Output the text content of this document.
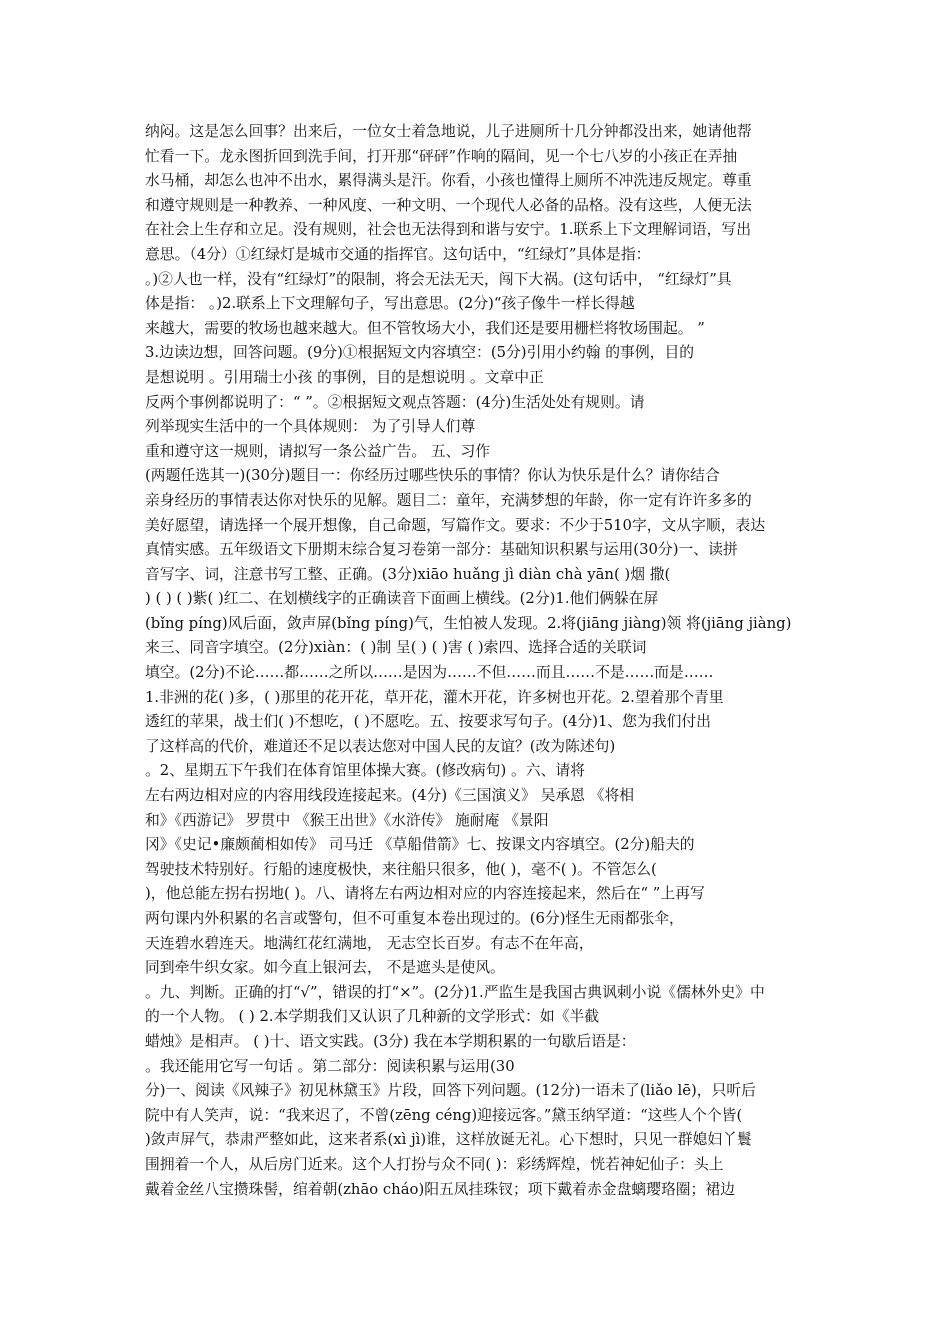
纳闷。这是怎么回事？出来后，一位女士着急地说，儿子进厕所十几分钟都没出来，她请他帮
忙看一下。龙永图折回到洗手间，打开那“砰砰”作响的隔间，见一个七八岁的小孩正在弄抽
水马桶，却怎么也冲不出水，累得满头是汗。你看，小孩也懂得上厕所不冲洗违反规定。尊重
和遵守规则是一种教养、一种风度、一种文明、一个现代人必备的品格。没有这些，人便无法
在社会上生存和立足。没有规则，社会也无法得到和谐与安宁。1.联系上下文理解词语，写出
意思。（4分）①红绿灯是城市交通的指挥官。这句话中，“红绿灯”具体是指：
。)②人也一样，没有“红绿灯”的限制，将会无法无天，闯下大祸。(这句话中， “红绿灯”具
体是指： 。)2.联系上下文理解句子，写出意思。(2分)“孩子像牛一样长得越
来越大，需要的牧场也越来越大。但不管牧场大小，我们还是要用栅栏将牧场围起。 ”
3.边读边想，回答问题。(9分)①根据短文内容填空：(5分)引用小约翰 的事例，目的
是想说明 。引用瑞士小孩 的事例，目的是想说明 。文章中正
反两个事例都说明了：“ ”。②根据短文观点答题：(4分)生活处处有规则。请
列举现实生活中的一个具体规则： 为了引导人们尊
重和遵守这一规则，请拟写一条公益广告。 五、习作
(两题任选其一)(30分)题目一：你经历过哪些快乐的事情？你认为快乐是什么？请你结合
亲身经历的事情表达你对快乐的见解。题目二：童年，充满梦想的年龄，你一定有许许多多的
美好愿望，请选择一个展开想像，自己命题，写篇作文。要求：不少于510字，文从字顺，表达
真情实感。五年级语文下册期末综合复习卷第一部分：基础知识积累与运用(30分)一、读拼
音写字、词，注意书写工整、正确。(3分)xiāo huǎng jì diàn chà yān( )烟 撒(
) ( ) ( )紫( )红二、在划横线字的正确读音下面画上横线。(2分)1.他们俩躲在屏
(bǐng píng)风后面，敛声屏(bǐng píng)气，生怕被人发现。2.将(jiāng jiàng)领 将(jiāng jiàng)
来三、同音字填空。(2分)xiàn：( )制 呈( ) ( )害 ( )索四、选择合适的关联词
填空。(2分)不论……都……之所以……是因为……不但……而且……不是……而是……
1.非洲的花( )多，( )那里的花开花，草开花，灌木开花，许多树也开花。2.望着那个青里
透红的苹果，战士们( )不想吃，( )不愿吃。五、按要求写句子。(4分)1、您为我们付出
了这样高的代价，难道还不足以表达您对中国人民的友谊？(改为陈述句)
。2、星期五下午我们在体育馆里体操大赛。(修改病句) 。六、请将
左右两边相对应的内容用线段连接起来。(4分)《三国演义》 吴承恩 《将相
和》《西游记》 罗贯中 《猴王出世》《水浒传》 施耐庵 《景阳
冈》《史记•廉颇蔺相如传》 司马迁 《草船借箭》七、按课文内容填空。(2分)船夫的
驾驶技术特别好。行船的速度极快，来往船只很多，他( )，毫不( )。不管怎么(
)，他总能左拐右拐地( )。八、请将左右两边相对应的内容连接起来，然后在“ ”上再写
两句课内外积累的名言或警句，但不可重复本卷出现过的。(6分)怪生无雨都张伞，
天连碧水碧连天。地满红花红满地， 无志空长百岁。有志不在年高，
同到牵牛织女家。如今直上银河去， 不是遮头是使风。
。九、判断。正确的打“√”，错误的打“×”。(2分)1.严监生是我国古典讽刺小说《儒林外史》中
的一个人物。 ( ) 2.本学期我们又认识了几种新的文学形式：如《半截
蜡烛》是相声。 ( )十、语文实践。(3分) 我在本学期积累的一句歇后语是：
。我还能用它写一句话 。第二部分：阅读积累与运用(30
分)一、阅读《风辣子》初见林黛玉》片段，回答下列问题。(12分)一语未了(liǎo lē)，只听后
院中有人笑声，说：“我来迟了，不曾(zēng céng)迎接远客。”黛玉纳罕道：“这些人个个皆(
)敛声屏气，恭肃严整如此，这来者系(xì jì)谁，这样放诞无礼。心下想时，只见一群媳妇丫鬟
围拥着一个人，从后房门近来。这个人打扮与众不同( )：彩绣辉煌，恍若神妃仙子：头上
戴着金丝八宝攒珠髻，绾着朝(zhāo cháo)阳五凤挂珠钗；项下戴着赤金盘螭璎珞圈；裙边
